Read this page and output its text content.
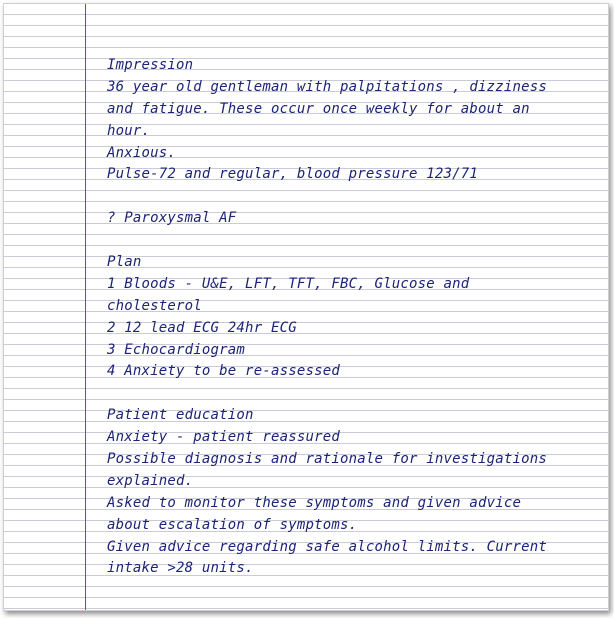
Impression
36 year old gentleman with palpitations , dizziness
and fatigue. These occur once weekly for about an
hour.
Anxious.
Pulse-72 and regular, blood pressure 123/71
? Paroxysmal AF
Plan
1 Bloods - U&E, LFT, TFT, FBC, Glucose and
cholesterol
2 12 lead ECG 24hr ECG
3 Echocardiogram
4 Anxiety to be re-assessed
Patient education
Anxiety - patient reassured
Possible diagnosis and rationale for investigations
explained.
Asked to monitor these symptoms and given advice
about escalation of symptoms.
Given advice regarding safe alcohol limits. Current
intake >28 units.
